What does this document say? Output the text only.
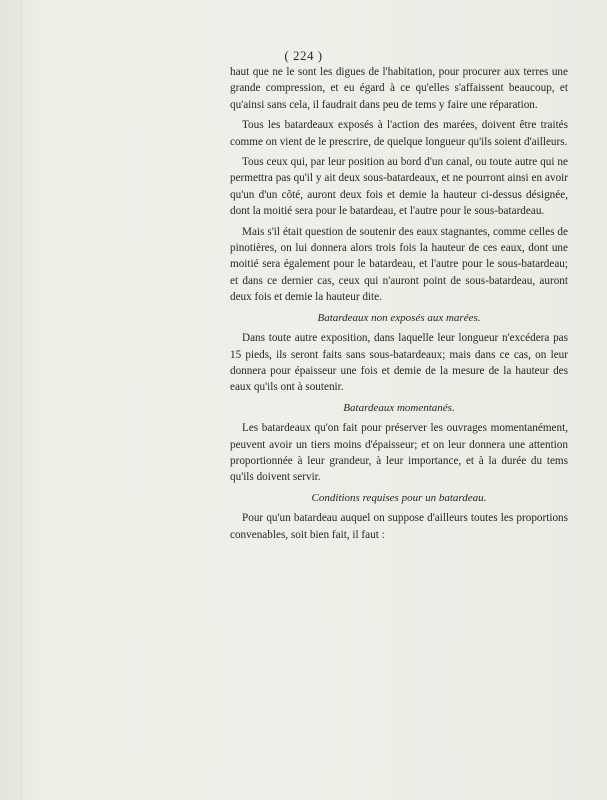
( 224 )

haut que ne le sont les digues de l'habitation, pour procurer aux terres une grande compression, et eu égard à ce qu'elles s'affaissent beaucoup, et qu'ainsi sans cela, il faudrait dans peu de tems y faire une réparation.

Tous les batardeaux exposés à l'action des marées, doivent être traités comme on vient de le prescrire, de quelque longueur qu'ils soient d'ailleurs.

Tous ceux qui, par leur position au bord d'un canal, ou toute autre qui ne permettra pas qu'il y ait deux sous-batardeaux, et ne pourront ainsi en avoir qu'un d'un côté, auront deux fois et demie la hauteur ci-dessus désignée, dont la moitié sera pour le batardeau, et l'autre pour le sous-batardeau.

Mais s'il était question de soutenir des eaux stagnantes, comme celles de pinotières, on lui donnera alors trois fois la hauteur de ces eaux, dont une moitié sera également pour le batardeau, et l'autre pour le sous-batardeau; et dans ce dernier cas, ceux qui n'auront point de sous-batardeau, auront deux fois et demie la hauteur dite.

Batardeaux non exposés aux marées.

Dans toute autre exposition, dans laquelle leur longueur n'excédera pas 15 pieds, ils seront faits sans sous-batardeaux; mais dans ce cas, on leur donnera pour épaisseur une fois et demie de la mesure de la hauteur des eaux qu'ils ont à soutenir.

Batardeaux momentanés.

Les batardeaux qu'on fait pour préserver les ouvrages momentanément, peuvent avoir un tiers moins d'épaisseur; et on leur donnera une attention proportionnée à leur grandeur, à leur importance, et à la durée du tems qu'ils doivent servir.

Conditions requises pour un batardeau.

Pour qu'un batardeau auquel on suppose d'ailleurs toutes les proportions convenables, soit bien fait, il faut :
